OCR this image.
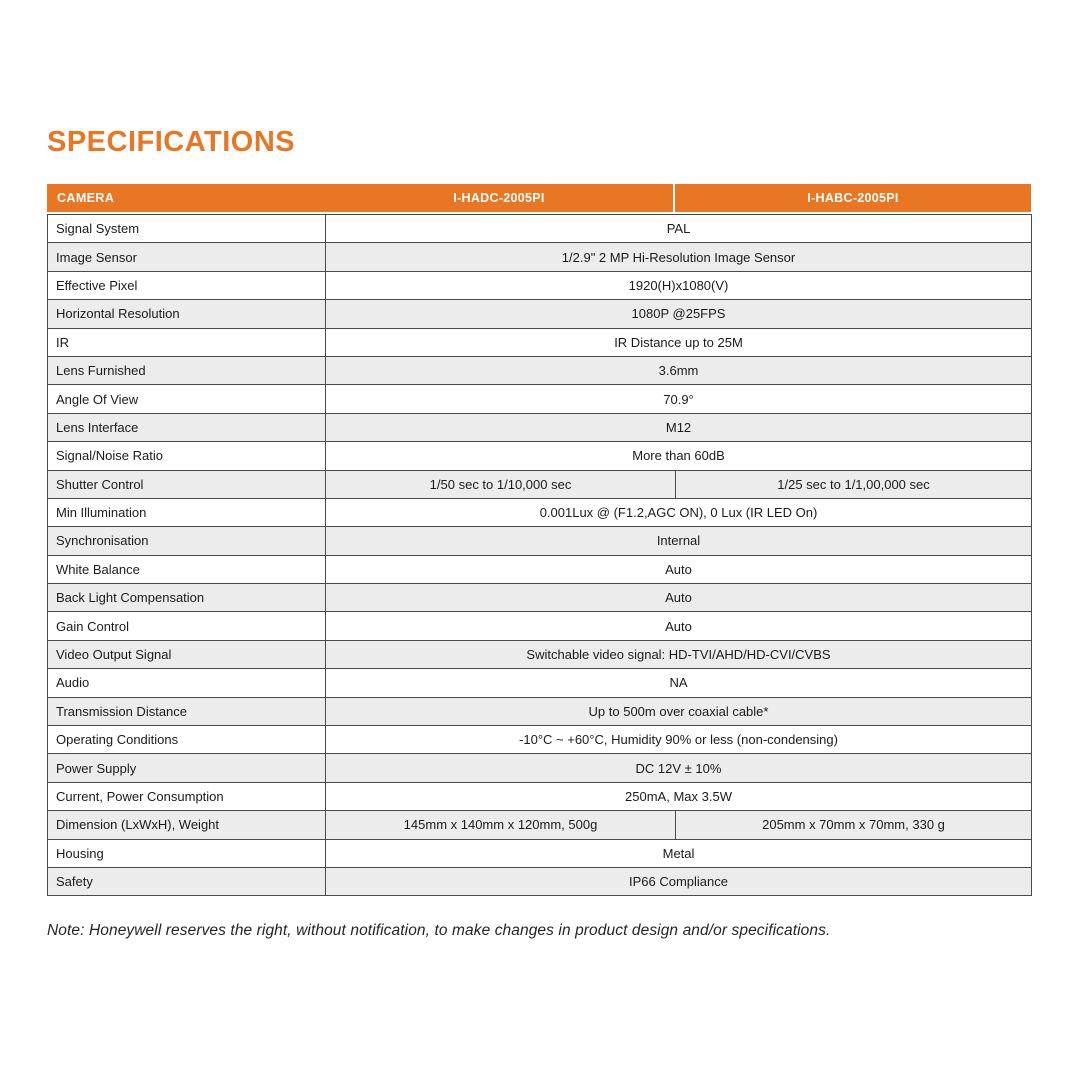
SPECIFICATIONS
CAMERA	I-HADC-2005PI	I-HABC-2005PI
Signal System	PAL	
Image Sensor	1/2.9" 2 MP Hi-Resolution Image Sensor	
Effective Pixel	1920(H)x1080(V)	
Horizontal Resolution	1080P @25FPS	
IR	IR Distance up to 25M	
Lens Furnished	3.6mm	
Angle Of View	70.9°	
Lens Interface	M12	
Signal/Noise Ratio	More than 60dB	
Shutter Control	1/50 sec to 1/10,000 sec	1/25 sec to 1/1,00,000 sec
Min Illumination	0.001Lux @ (F1.2,AGC ON), 0 Lux (IR LED On)	
Synchronisation	Internal	
White Balance	Auto	
Back Light Compensation	Auto	
Gain Control	Auto	
Video Output Signal	Switchable video signal: HD-TVI/AHD/HD-CVI/CVBS	
Audio	NA	
Transmission Distance	Up to 500m over coaxial cable*	
Operating Conditions	-10°C ~ +60°C, Humidity 90% or less (non-condensing)	
Power Supply	DC 12V ± 10%	
Current, Power Consumption	250mA, Max 3.5W	
Dimension (LxWxH), Weight	145mm x 140mm x 120mm, 500g	205mm x 70mm x 70mm, 330 g
Housing	Metal	
Safety	IP66 Compliance	

Note: Honeywell reserves the right, without notification, to make changes in product design and/or specifications.
